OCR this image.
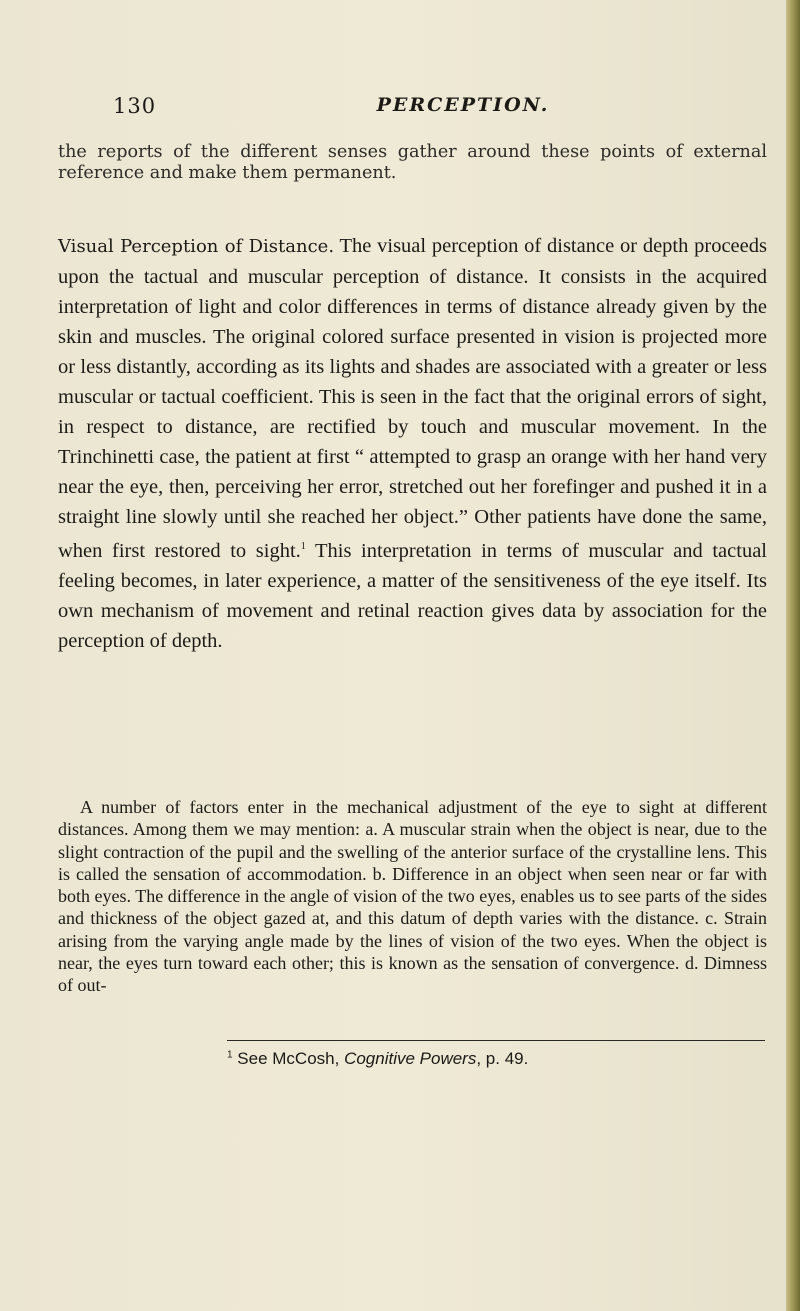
130	PERCEPTION.
the reports of the different senses gather around these points of external reference and make them permanent.
Visual Perception of Distance. The visual perception of distance or depth proceeds upon the tactual and muscular perception of distance. It consists in the acquired interpretation of light and color differences in terms of distance already given by the skin and muscles. The original colored surface presented in vision is projected more or less distantly, according as its lights and shades are associated with a greater or less muscular or tactual coefficient. This is seen in the fact that the original errors of sight, in respect to distance, are rectified by touch and muscular movement. In the Trinchinetti case, the patient at first “ attempted to grasp an orange with her hand very near the eye, then, perceiving her error, stretched out her forefinger and pushed it in a straight line slowly until she reached her object.” Other patients have done the same, when first restored to sight.$^1$ This interpretation in terms of muscular and tactual feeling becomes, in later experience, a matter of the sensitiveness of the eye itself. Its own mechanism of movement and retinal reaction gives data by association for the perception of depth.
A number of factors enter in the mechanical adjustment of the eye to sight at different distances. Among them we may mention: a. A muscular strain when the object is near, due to the slight contraction of the pupil and the swelling of the anterior surface of the crystalline lens. This is called the sensation of accommodation. b. Difference in an object when seen near or far with both eyes. The difference in the angle of vision of the two eyes, enables us to see parts of the sides and thickness of the object gazed at, and this datum of depth varies with the distance. c. Strain arising from the varying angle made by the lines of vision of the two eyes. When the object is near, the eyes turn toward each other; this is known as the sensation of convergence. d. Dimness of out-
$^1$ See McCosh, Cognitive Powers, p. 49.
